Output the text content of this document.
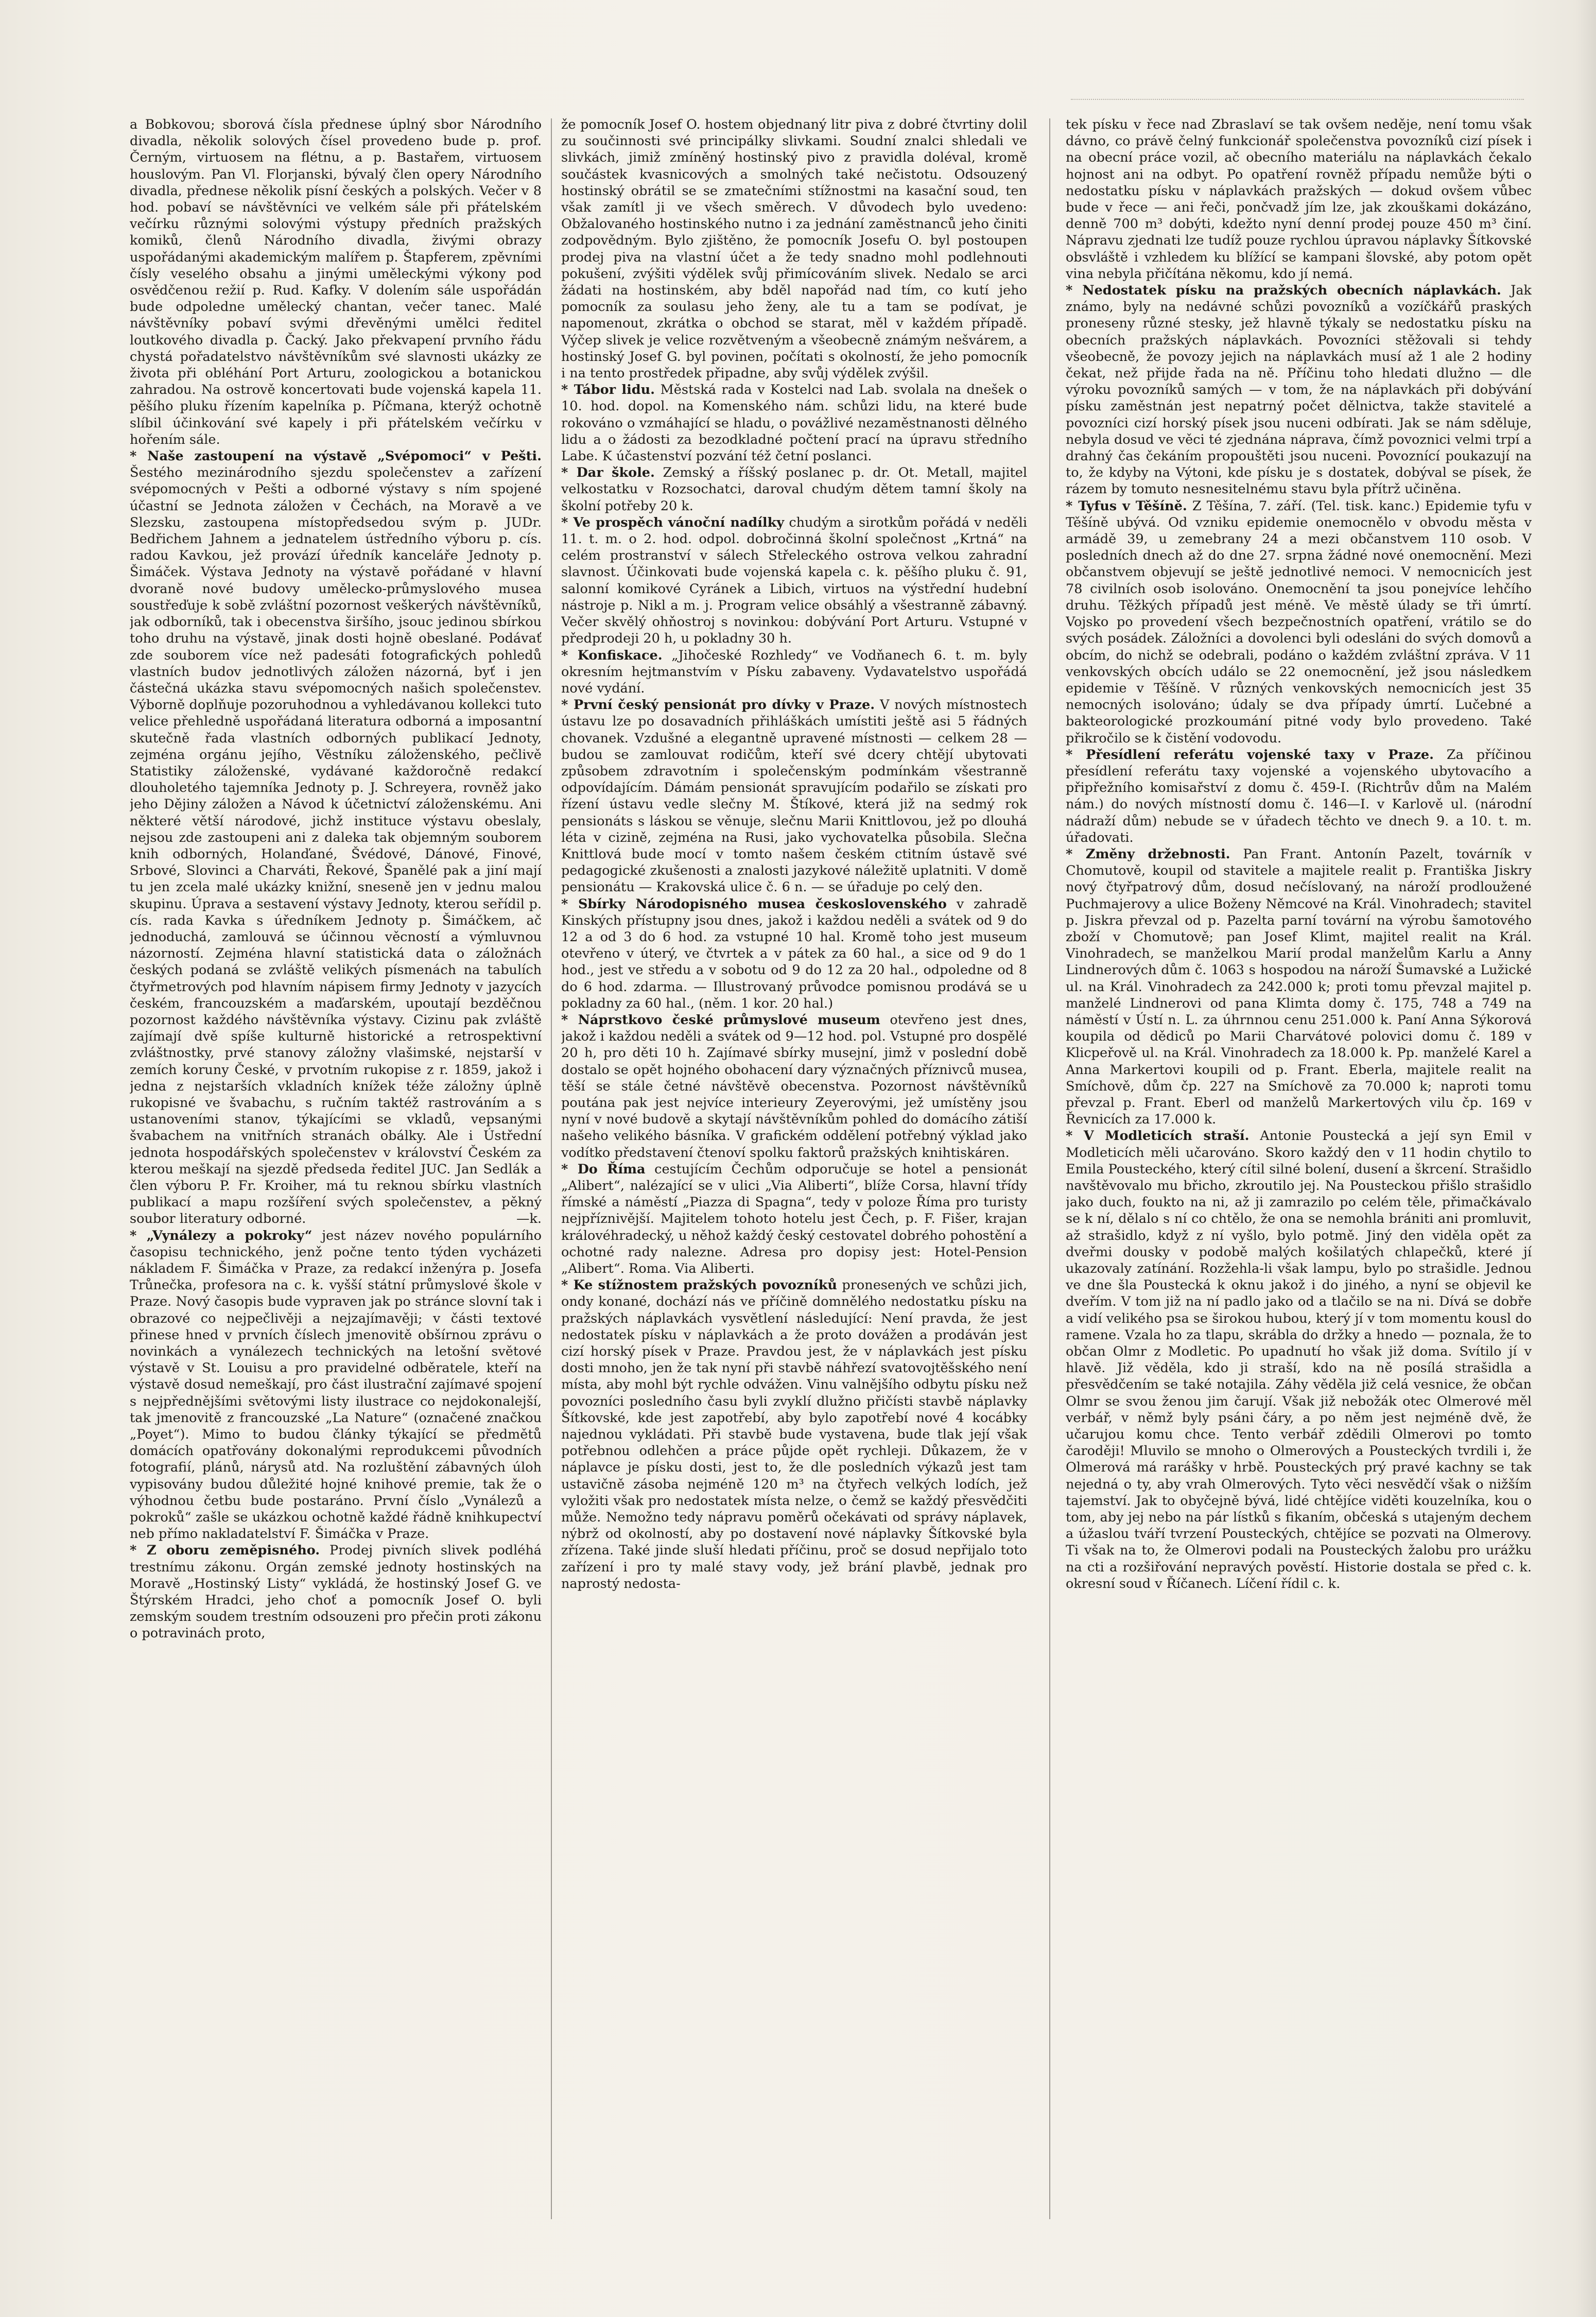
a Bobkovou; sborová čísla přednese úplný sbor Národního divadla, několik solových čísel provedeno bude p. prof. Černým, virtuosem na flétnu, a p. Bastařem, virtuosem houslovým. Pan Vl. Florjanski, bývalý člen opery Národního divadla, přednese několik písní českých a polských. Večer v 8 hod. pobaví se návštěvníci ve velkém sále při přátelském večírku různými solovými výstupy předních pražských komiků, členů Národního divadla, živými obrazy uspořádanými akademickým malířem p. Štapferem, zpěvními čísly veselého obsahu a jinými uměleckými výkony pod osvědčenou režií p. Rud. Kafky. V dolením sále uspořádán bude odpoledne umělecký chantan, večer tanec. Malé návštěvníky pobaví svými dřevěnými umělci ředitel loutkového divadla p. Čacký. Jako překvapení prvního řádu chystá pořadatelstvo návštěvníkům své slavnosti ukázky ze života při obléhání Port Arturu, zoologickou a botanickou zahradou. Na ostrově koncertovati bude vojenská kapela 11. pěšího pluku řízením kapelníka p. Píčmana, kterýž ochotně slíbil účinkování své kapely i při přátelském večírku v hořením sále.

* Naše zastoupení na výstavě „Svépomoci“ v Pešti. Šestého mezinárodního sjezdu společenstev a zařízení svépomocných v Pešti a odborné výstavy s ním spojené účastní se Jednota záložen v Čechách, na Moravě a ve Slezsku, zastoupena místopředsedou svým p. JUDr. Bedřichem Jahnem a jednatelem ústředního výboru p. cís. radou Kavkou, jež provází úředník kanceláře Jednoty p. Šimáček. Výstava Jednoty na výstavě pořádané v hlavní dvoraně nové budovy umělecko-průmyslového musea soustřeďuje k sobě zvláštní pozornost veškerých návštěvníků, jak odborníků, tak i obecenstva širšího, jsouc jedinou sbírkou toho druhu na výstavě, jinak dosti hojně obeslané. Podávať zde souborem více než padesáti fotografických pohledů vlastních budov jednotlivých záložen názorná, byť i jen částečná ukázka stavu svépomocných našich společenstev. Výborně doplňuje pozoruhodnou a vyhledávanou kollekci tuto velice přehledně uspořádaná literatura odborná a imposantní skutečně řada vlastních odborných publikací Jednoty, zejména orgánu jejího, Věstníku záloženského, pečlivě Statistiky záloženské, vydávané každoročně redakcí dlouholetého tajemníka Jednoty p. J. Schreyera, rovněž jako jeho Dějiny záložen a Návod k účetnictví záloženskému. Ani některé větší národové, jichž instituce výstavu obeslaly, nejsou zde zastoupeni ani z daleka tak objemným souborem knih odborných, Holanďané, Švédové, Dánové, Finové, Srbové, Slovinci a Charváti, Řekové, Španělé pak a jiní mají tu jen zcela malé ukázky knižní, sneseně jen v jednu malou skupinu. Úprava a sestavení výstavy Jednoty, kterou seřídil p. cís. rada Kavka s úředníkem Jednoty p. Šimáčkem, ač jednoduchá, zamlouvá se účinnou věcností a výmluvnou názorností. Zejména hlavní statistická data o záložnách českých podaná se zvláště velikých písmenách na tabulích čtyřmetrových pod hlavním nápisem firmy Jednoty v jazycích českém, francouzském a maďarském, upoutají bezděčnou pozornost každého návštěvníka výstavy. Cizinu pak zvláště zajímají dvě spíše kulturně historické a retrospektivní zvláštnostky, prvé stanovy záložny vlašimské, nejstarší v zemích koruny České, v prvotním rukopise z r. 1859, jakož i jedna z nejstarších vkladních knížek téže záložny úplně rukopisné ve švabachu, s ručním taktéž rastrováním a s ustanoveními stanov, týkajícími se vkladů, vepsanými švabachem na vnitřních stranách obálky. Ale i Ústřední jednota hospodářských společenstev v království Českém za kterou meškají na sjezdě předseda ředitel JUC. Jan Sedlák a člen výboru P. Fr. Kroiher, má tu reknou sbírku vlastních publikací a mapu rozšíření svých společenstev, a pěkný soubor literatury odborné.	—k.

* „Vynálezy a pokroky“ jest název nového populárního časopisu technického, jenž počne tento týden vycházeti nákladem F. Šimáčka v Praze, za redakcí inženýra p. Josefa Trůnečka, profesora na c. k. vyšší státní průmyslové škole v Praze. Nový časopis bude vypraven jak po stránce slovní tak i obrazové co nejpečlivěji a nejzajímavěji; v části textové přinese hned v prvních číslech jmenovitě obšírnou zprávu o novinkách a vynálezech technických na letošní světové výstavě v St. Louisu a pro pravidelné odběratele, kteří na výstavě dosud nemeškají, pro část ilustrační zajímavé spojení s nejpřednějšími světovými listy ilustrace co nejdokonalejší, tak jmenovitě z francouzské „La Nature“ (označené značkou „Poyet“). Mimo to budou články týkající se předmětů domácích opatřovány dokonalými reprodukcemi původních fotografií, plánů, nárysů atd. Na rozluštění zábavných úloh vypisovány budou důležité hojné knihové premie, tak že o výhodnou četbu bude postaráno. První číslo „Vynálezů a pokroků“ zašle se ukázkou ochotně každé řádně knihkupectví neb přímo nakladatelství F. Šimáčka v Praze.

* Z oboru zeměpisného. Prodej pivních slivek podléhá trestnímu zákonu. Orgán zemské jednoty hostinských na Moravě „Hostinský Listy“ vykládá, že hostinský Josef G. ve Štýrském Hradci, jeho choť a pomocník Josef O. byli zemským soudem trestním odsouzeni pro přečin proti zákonu o potravinách proto,

že pomocník Josef O. hostem objednaný litr piva z dobré čtvrtiny dolil zu součinnosti své principálky slivkami. Soudní znalci shledali ve slivkách, jimiž zmíněný hostinský pivo z pravidla doléval, kromě součástek kvasnicových a smolných také nečistotu. Odsouzený hostinský obrátil se se zmatečními stížnostmi na kasační soud, ten však zamítl ji ve všech směrech. V důvodech bylo uvedeno: Obžalovaného hostinského nutno i za jednání zaměstnanců jeho činiti zodpovědným. Bylo zjištěno, že pomocník Josefu O. byl postoupen prodej piva na vlastní účet a že tedy snadno mohl podlehnouti pokušení, zvýšiti výdělek svůj přimícováním slivek. Nedalo se arci žádati na hostinském, aby bděl napořád nad tím, co kutí jeho pomocník za soulasu jeho ženy, ale tu a tam se podívat, je napomenout, zkrátka o obchod se starat, měl v každém případě. Výčep slivek je velice rozvětveným a všeobecně známým nešvárem, a hostinský Josef G. byl povinen, počítati s okolností, že jeho pomocník i na tento prostředek připadne, aby svůj výdělek zvýšil.

* Tábor lidu. Městská rada v Kostelci nad Lab. svolala na dnešek o 10. hod. dopol. na Komenského nám. schůzi lidu, na které bude rokováno o vzmáhající se hladu, o povážlivé nezaměstnanosti dělného lidu a o žádosti za bezodkladné počtení prací na úpravu středního Labe. K účastenství pozvání též četní poslanci.

* Dar škole. Zemský a říšský poslanec p. dr. Ot. Metall, majitel velkostatku v Rozsochatci, daroval chudým dětem tamní školy na školní potřeby 20 k.

* Ve prospěch vánoční nadílky chudým a sirotkům pořádá v neděli 11. t. m. o 2. hod. odpol. dobročinná školní společnost „Krtná“ na celém prostranství v sálech Střeleckého ostrova velkou zahradní slavnost. Účinkovati bude vojenská kapela c. k. pěšího pluku č. 91, salonní komikové Cyránek a Libich, virtuos na výstřední hudební nástroje p. Nikl a m. j. Program velice obsáhlý a všestranně zábavný. Večer skvělý ohňostroj s novinkou: dobývání Port Arturu. Vstupné v předprodeji 20 h, u pokladny 30 h.

* Konfiskace. „Jihočeské Rozhledy“ ve Vodňanech 6. t. m. byly okresním hejtmanstvím v Písku zabaveny. Vydavatelstvo uspořádá nové vydání.

* První český pensionát pro dívky v Praze. V nových místnostech ústavu lze po dosavadních přihláškách umístiti ještě asi 5 řádných chovanek. Vzdušné a elegantně upravené místnosti — celkem 28 — budou se zamlouvat rodičům, kteří své dcery chtějí ubytovati způsobem zdravotním i společenským podmínkám všestranně odpovídajícím. Dámám pensionát spravujícím podařilo se získati pro řízení ústavu vedle slečny M. Štíkové, která již na sedmý rok pensionáts s láskou se věnuje, slečnu Marii Knittlovou, jež po dlouhá léta v cizině, zejména na Rusi, jako vychovatelka působila. Slečna Knittlová bude mocí v tomto našem českém ctitním ústavě své pedagogické zkušenosti a znalosti jazykové náležitě uplatniti. V domě pensionátu — Krakovská ulice č. 6 n. — se úřaduje po celý den.

* Sbírky Národopisného musea československého v zahradě Kinských přístupny jsou dnes, jakož i každou neděli a svátek od 9 do 12 a od 3 do 6 hod. za vstupné 10 hal. Kromě toho jest museum otevřeno v úterý, ve čtvrtek a v pátek za 60 hal., a sice od 9 do 1 hod., jest ve středu a v sobotu od 9 do 12 za 20 hal., odpoledne od 8 do 6 hod. zdarma. — Illustrovaný průvodce pomisnou prodává se u pokladny za 60 hal., (něm. 1 kor. 20 hal.)

* Náprstkovo české průmyslové museum otevřeno jest dnes, jakož i každou neděli a svátek od 9—12 hod. pol. Vstupné pro dospělé 20 h, pro děti 10 h. Zajímavé sbírky musejní, jimž v poslední době dostalo se opět hojného obohacení dary význačných příznivců musea, těší se stále četné návštěvě obecenstva. Pozornost návštěvníků poutána pak jest nejvíce interieury Zeyerovými, jež umístěny jsou nyní v nové budově a skytají návštěvníkům pohled do domácího zátiší našeho velikého básníka. V grafickém oddělení potřebný výklad jako vodítko představení čtenoví spolku faktorů pražských knihtiskáren.

* Do Říma cestujícím Čechům odporučuje se hotel a pensionát „Alibert“, nalézající se v ulici „Via Aliberti“, blíže Corsa, hlavní třídy římské a náměstí „Piazza di Spagna“, tedy v poloze Říma pro turisty nejpříznivější. Majitelem tohoto hotelu jest Čech, p. F. Fišer, krajan královéhradecký, u něhož každý český cestovatel dobrého pohostění a ochotné rady nalezne. Adresa pro dopisy jest: Hotel-Pension „Alibert“. Roma. Via Aliberti.

* Ke stížnostem pražských povozníků pronesených ve schůzi jich, ondy konané, dochází nás ve příčině domnělého nedostatku písku na pražských náplavkách vysvětlení následující: Není pravda, že jest nedostatek písku v náplavkách a že proto dovážen a prodáván jest cizí horský písek v Praze. Pravdou jest, že v náplavkách jest písku dosti mnoho, jen že tak nyní při stavbě náhřezí svatovojtěšského není místa, aby mohl být rychle odvážen. Vinu valnějšího odbytu písku než povozníci posledního času byli zvyklí dlužno přičísti stavbě náplavky Šítkovské, kde jest zapotřebí, aby bylo zapotřebí nové 4 kocábky najednou vykládati. Při stavbě bude vystavena, bude tlak její však potřebnou odlehčen a práce půjde opět rychleji. Důkazem, že v náplavce je písku dosti, jest to, že dle posledních výkazů jest tam ustavičně zásoba nejméně 120 m³ na čtyřech velkých lodích, jež vyložiti však pro nedostatek místa nelze, o čemž se každý přesvědčiti může. Nemožno tedy nápravu poměrů očekávati od správy náplavek, nýbrž od okolností, aby po dostavení nové náplavky Šítkovské byla zřízena. Také jinde sluší hledati příčinu, proč se dosud nepřijalo toto zařízení i pro ty malé stavy vody, jež brání plavbě, jednak pro naprostý nedosta-

tek písku v řece nad Zbraslaví se tak ovšem neděje, není tomu však dávno, co právě čelný funkcionář společenstva povozníků cizí písek i na obecní práce vozil, ač obecního materiálu na náplavkách čekalo hojnost ani na odbyt. Po opatření rovněž případu nemůže býti o nedostatku písku v náplavkách pražských — dokud ovšem vůbec bude v řece — ani řeči, pončvadž jím lze, jak zkouškami dokázáno, denně 700 m³ dobýti, kdežto nyní denní prodej pouze 450 m³ činí. Nápravu zjednati lze tudíž pouze rychlou úpravou náplavky Šítkovské obsvláště i vzhledem ku blížící se kampani šlovské, aby potom opět vina nebyla přičítána někomu, kdo jí nemá.

* Nedostatek písku na pražských obecních náplavkách. Jak známo, byly na nedávné schůzi povozníků a vozíčkářů praských proneseny různé stesky, jež hlavně týkaly se nedostatku písku na obecních pražských náplavkách. Povozníci stěžovali si tehdy všeobecně, že povozy jejich na náplavkách musí až 1 ale 2 hodiny čekat, než přijde řada na ně. Příčinu toho hledati dlužno — dle výroku povozníků samých — v tom, že na náplavkách při dobývání písku zaměstnán jest nepatrný počet dělnictva, takže stavitelé a povozníci cizí horský písek jsou nuceni odbírati. Jak se nám sděluje, nebyla dosud ve věci té zjednána náprava, čímž povoznici velmi trpí a drahný čas čekáním propouštěti jsou nuceni. Povoznící poukazují na to, že kdyby na Výtoni, kde písku je s dostatek, dobýval se písek, že rázem by tomuto nesnesitelnému stavu byla přítrž učiněna.

* Tyfus v Těšíně. Z Těšína, 7. září. (Tel. tisk. kanc.) Epidemie tyfu v Těšíně ubývá. Od vzniku epidemie onemocnělo v obvodu města v armádě 39, u zemebrany 24 a mezi občanstvem 110 osob. V posledních dnech až do dne 27. srpna žádné nové onemocnění. Mezi občanstvem objevují se ještě jednotlivé nemoci. V nemocnicích jest 78 civilních osob isolováno. Onemocnění ta jsou ponejvíce lehčího druhu. Těžkých případů jest méně. Ve městě úlady se tři úmrtí. Vojsko po provedení všech bezpečnostních opatření, vrátilo se do svých posádek. Záložníci a dovolenci byli odesláni do svých domovů a obcím, do nichž se odebrali, podáno o každém zvláštní zpráva. V 11 venkovských obcích událo se 22 onemocnění, jež jsou následkem epidemie v Těšíně. V různých venkovských nemocnicích jest 35 nemocných isolováno; údaly se dva případy úmrtí. Lučebné a bakteorologické prozkoumání pitné vody bylo provedeno. Také přikročilo se k čistění vodovodu.

* Přesídlení referátu vojenské taxy v Praze. Za příčinou přesídlení referátu taxy vojenské a vojenského ubytovacího a připřežního komisařství z domu č. 459-I. (Richtrův dům na Malém nám.) do nových místností domu č. 146—I. v Karlově ul. (národní nádraží dům) nebude se v úřadech těchto ve dnech 9. a 10. t. m. úřadovati.

* Změny držebnosti. Pan Frant. Antonín Pazelt, továrník v Chomutově, koupil od stavitele a majitele realit p. Františka Jiskry nový čtyřpatrový dům, dosud nečíslovaný, na nároží prodloužené Puchmajerovy a ulice Boženy Němcové na Král. Vinohradech; stavitel p. Jiskra převzal od p. Pazelta parní tovární na výrobu šamotového zboží v Chomutově; pan Josef Klimt, majitel realit na Král. Vinohradech, se manželkou Marií prodal manželům Karlu a Anny Lindnerových dům č. 1063 s hospodou na nároží Šumavské a Lužické ul. na Král. Vinohradech za 242.000 k; proti tomu převzal majitel p. manželé Lindnerovi od pana Klimta domy č. 175, 748 a 749 na náměstí v Ústí n. L. za úhrnnou cenu 251.000 k. Paní Anna Sýkorová koupila od dědiců po Marii Charvátové polovici domu č. 189 v Klicpeřově ul. na Král. Vinohradech za 18.000 k. Pp. manželé Karel a Anna Markertovi koupili od p. Frant. Eberla, majitele realit na Smíchově, dům čp. 227 na Smíchově za 70.000 k; naproti tomu převzal p. Frant. Eberl od manželů Markertových vilu čp. 169 v Řevnicích za 17.000 k.

* V Modleticích straší. Antonie Poustecká a její syn Emil v Modleticích měli učarováno. Skoro každý den v 11 hodin chytilo to Emila Pousteckého, který cítil silné bolení, dusení a škrcení. Strašidlo navštěvovalo mu břicho, zkroutilo jej. Na Pousteckou přišlo strašidlo jako duch, foukto na ni, až ji zamrazilo po celém těle, přimačkávalo se k ní, dělalo s ní co chtělo, že ona se nemohla brániti ani promluvit, až strašidlo, když z ní vyšlo, bylo potmě. Jiný den viděla opět za dveřmi dousky v podobě malých košilatých chlapečků, které jí ukazovaly zatínání. Rozžehla-li však lampu, bylo po strašidle. Jednou ve dne šla Poustecká k oknu jakož i do jiného, a nyní se objevil ke dveřím. V tom již na ní padlo jako od a tlačilo se na ni. Dívá se dobře a vidí velikého psa se širokou hubou, který jí v tom momentu kousl do ramene. Vzala ho za tlapu, skrábla do držky a hnedo — poznala, že to občan Olmr z Modletic. Po upadnutí ho však již doma. Svítilo jí v hlavě. Již věděla, kdo ji straší, kdo na ně posílá strašidla a přesvědčením se také notajila. Záhy věděla již celá vesnice, že občan Olmr se svou ženou jim čarují. Však již nebožák otec Olmerové měl verbář, v němž byly psáni čáry, a po něm jest nejméně dvě, že učarujou komu chce. Tento verbář zdědili Olmerovi po tomto čaroději! Mluvilo se mnoho o Olmerových a Pousteckých tvrdili i, že Olmerová má rarášky v hrbě. Pousteckých prý pravé kachny se tak nejedná o ty, aby vrah Olmerových. Tyto věci nesvědčí však o nižším tajemství. Jak to obyčejně bývá, lidé chtějíce viděti kouzelníka, kou o tom, aby jej nebo na pár lístků s fikaním, občeská s utajeným dechem a úžaslou tváří tvrzení Pousteckých, chtějíce se pozvati na Olmerovy. Ti však na to, že Olmerovi podali na Pousteckých žalobu pro urážku na cti a rozšiřování nepravých pověstí. Historie dostala se před c. k. okresní soud v Říčanech. Líčení řídil c. k.
